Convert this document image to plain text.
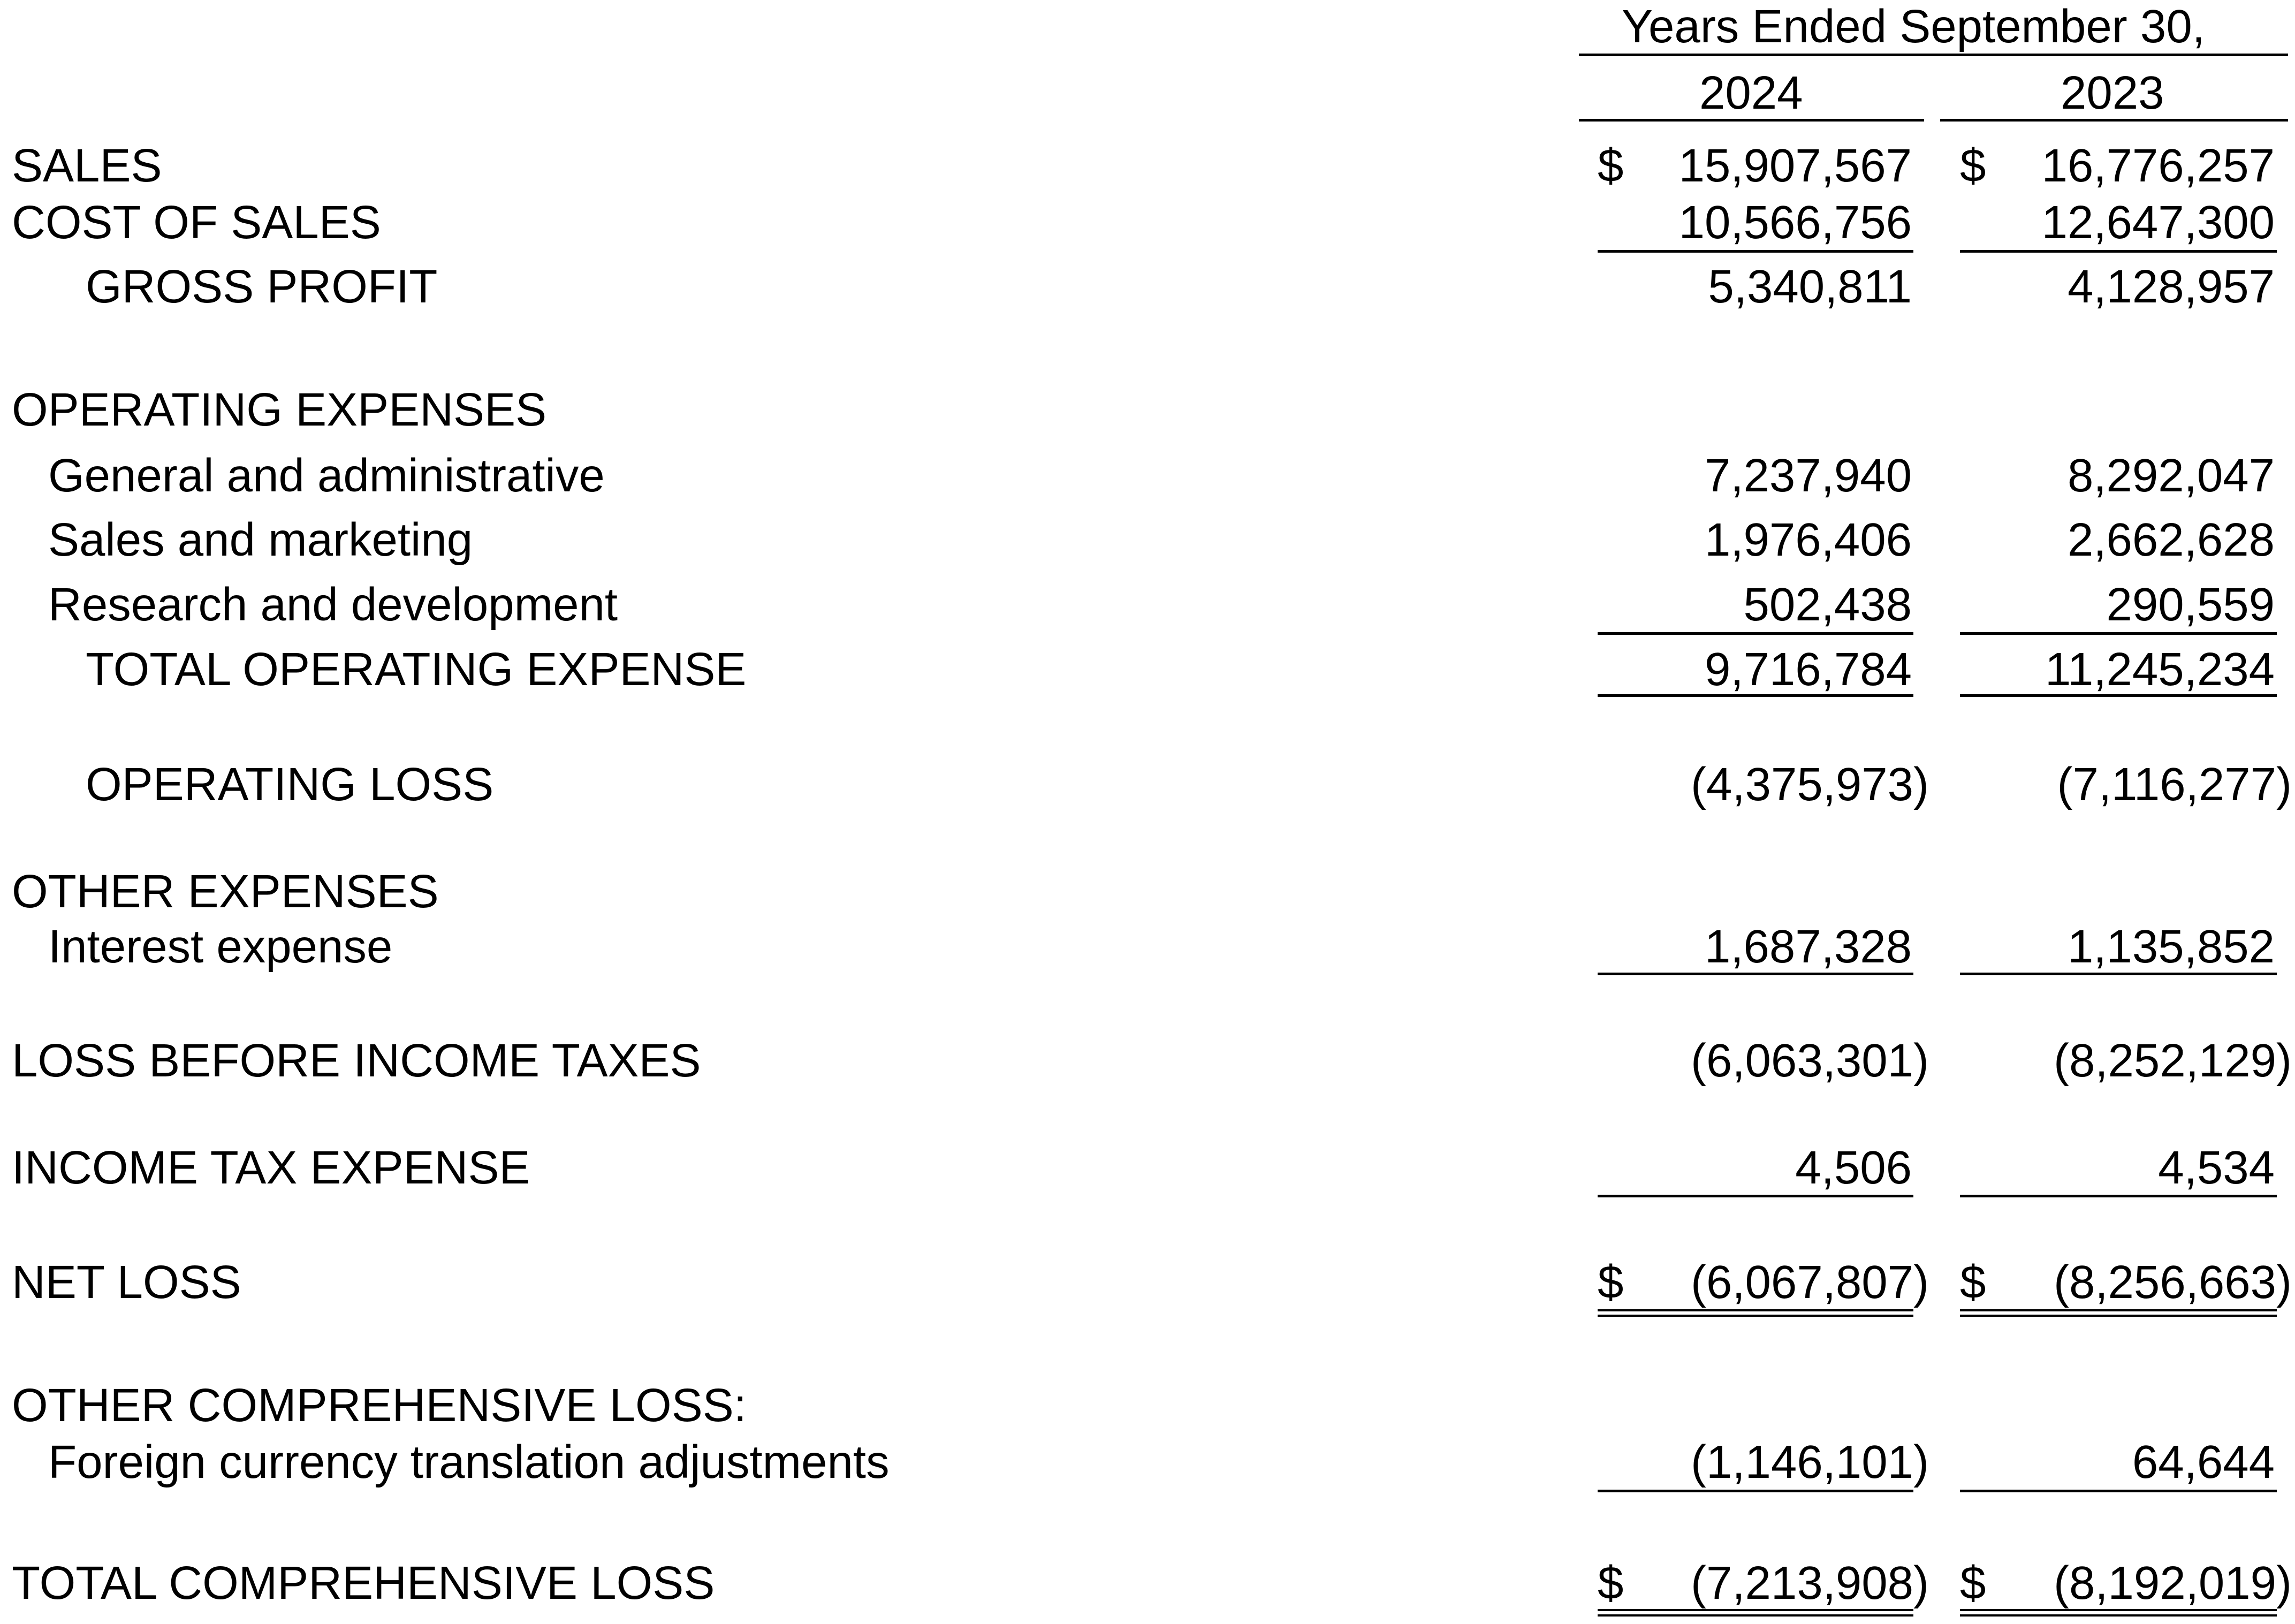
Years Ended September 30,
2024	2023
SALES	$ 15,907,567 $ 16,776,257
COST OF SALES	10,566,756	12,647,300
GROSS PROFIT	5,340,811	4,128,957
OPERATING EXPENSES
General and administrative	7,237,940	8,292,047
Sales and marketing	1,976,406	2,662,628
Research and development	502,438	290,559
TOTAL OPERATING EXPENSE	9,716,784	11,245,234
OPERATING LOSS	(4,375,973)	(7,116,277)
OTHER EXPENSES
Interest expense	1,687,328	1,135,852
LOSS BEFORE INCOME TAXES	(6,063,301)	(8,252,129)
INCOME TAX EXPENSE	4,506	4,534
NET LOSS	$ (6,067,807) $ (8,256,663)
OTHER COMPREHENSIVE LOSS:
Foreign currency translation adjustments	(1,146,101)	64,644
TOTAL COMPREHENSIVE LOSS	$ (7,213,908) $ (8,192,019)
